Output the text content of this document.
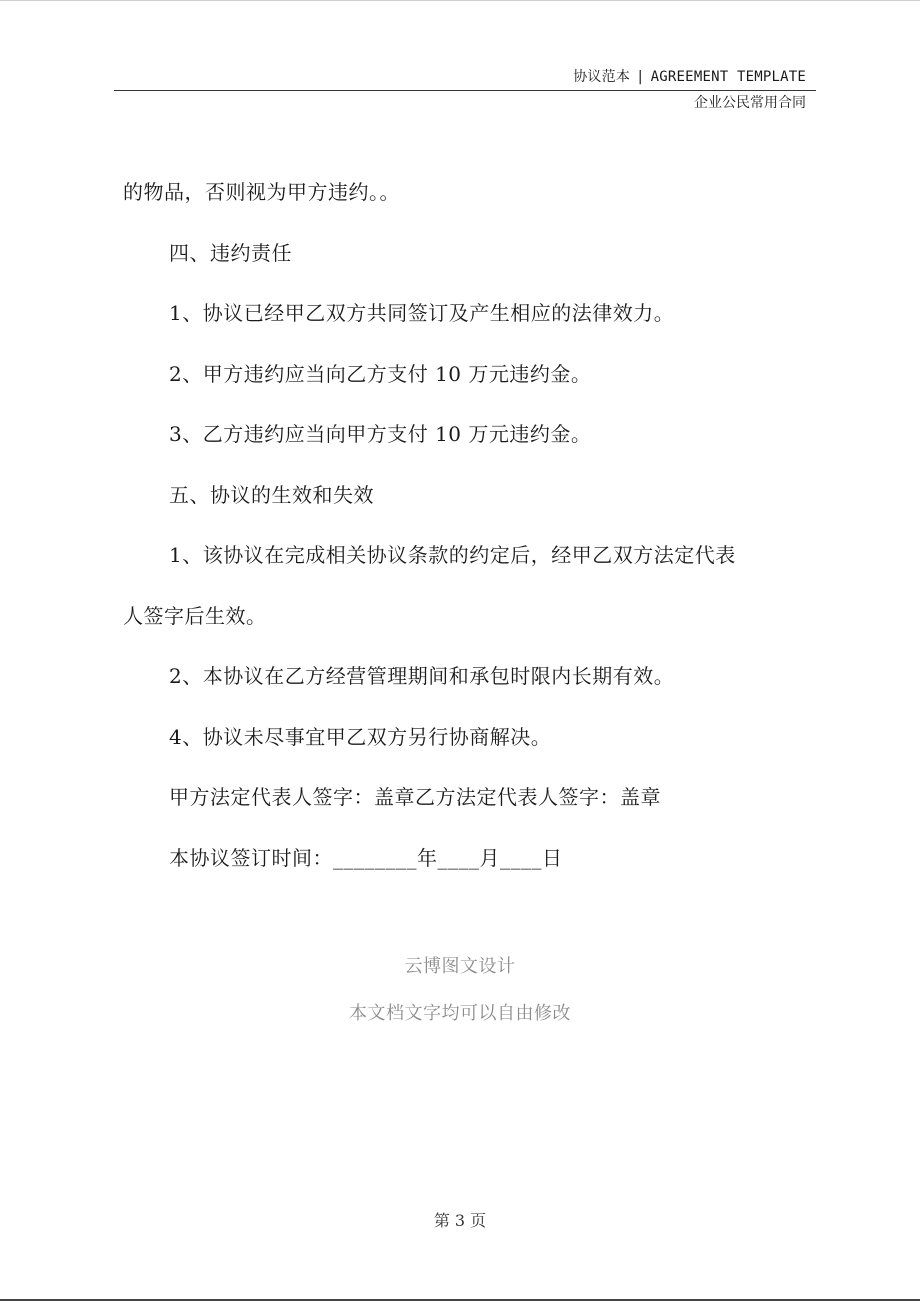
协议范本 | AGREEMENT TEMPLATE
企业公民常用合同

的物品，否则视为甲方违约。。

四、违约责任

1、协议已经甲乙双方共同签订及产生相应的法律效力。

2、甲方违约应当向乙方支付 10 万元违约金。

3、乙方违约应当向甲方支付 10 万元违约金。

五、协议的生效和失效

1、该协议在完成相关协议条款的约定后，经甲乙双方法定代表

人签字后生效。

2、本协议在乙方经营管理期间和承包时限内长期有效。

4、协议未尽事宜甲乙双方另行协商解决。

甲方法定代表人签字：盖章乙方法定代表人签字：盖章

本协议签订时间：________年____月____日

云博图文设计
本文档文字均可以自由修改
第 3 页
